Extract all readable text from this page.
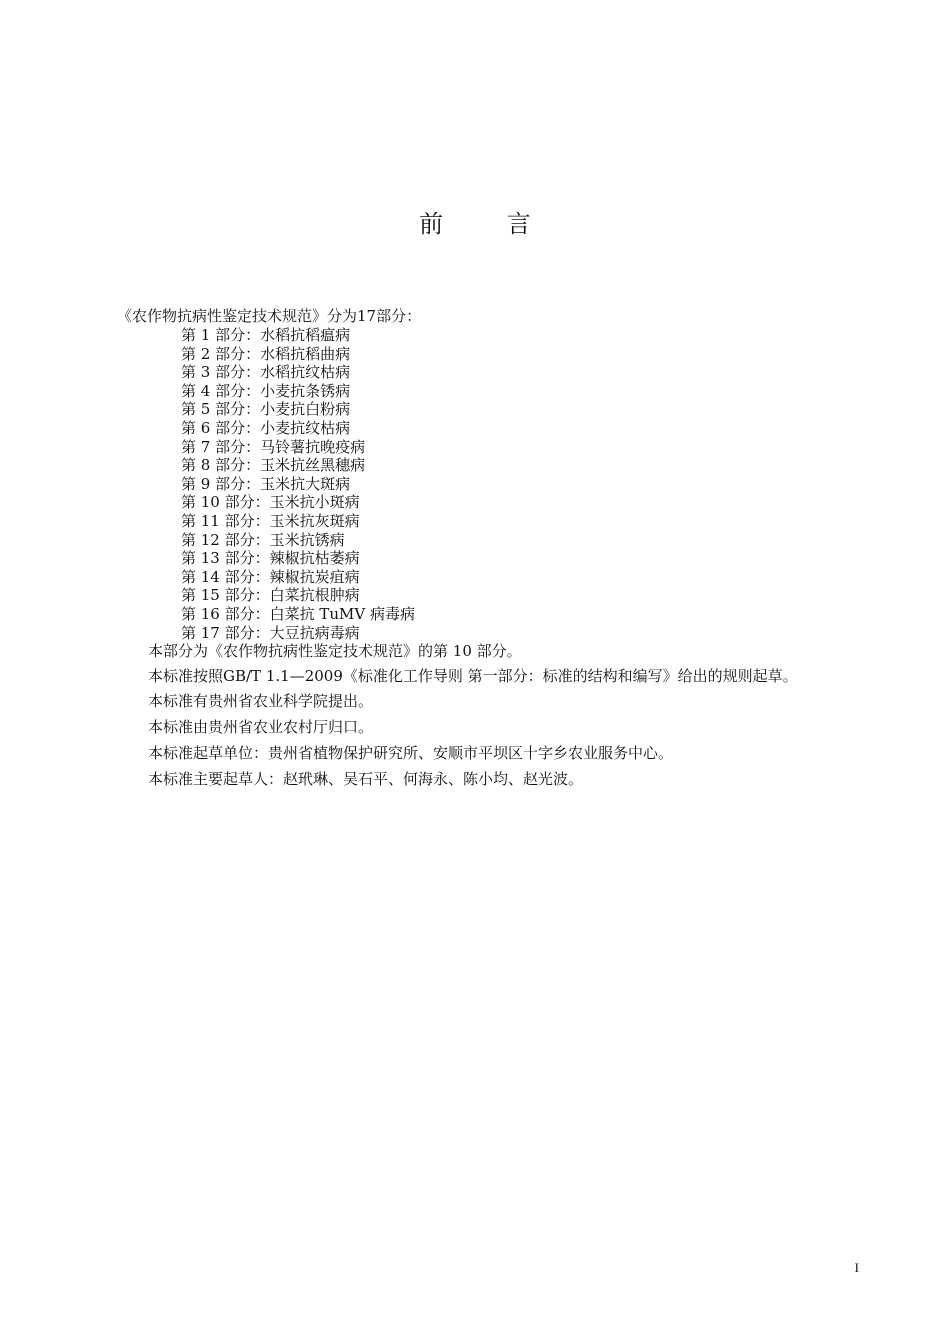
前 言
《农作物抗病性鉴定技术规范》分为17部分：
第 1 部分：水稻抗稻瘟病
第 2 部分：水稻抗稻曲病
第 3 部分：水稻抗纹枯病
第 4 部分：小麦抗条锈病
第 5 部分：小麦抗白粉病
第 6 部分：小麦抗纹枯病
第 7 部分：马铃薯抗晚疫病
第 8 部分：玉米抗丝黑穗病
第 9 部分：玉米抗大斑病
第 10 部分：玉米抗小斑病
第 11 部分：玉米抗灰斑病
第 12 部分：玉米抗锈病
第 13 部分：辣椒抗枯萎病
第 14 部分：辣椒抗炭疽病
第 15 部分：白菜抗根肿病
第 16 部分：白菜抗 TuMV 病毒病
第 17 部分：大豆抗病毒病

本部分为《农作物抗病性鉴定技术规范》的第 10 部分。

本标准按照GB/T 1.1—2009《标准化工作导则 第一部分：标准的结构和编写》给出的规则起草。

本标准有贵州省农业科学院提出。

本标准由贵州省农业农村厅归口。

本标准起草单位：贵州省植物保护研究所、安顺市平坝区十字乡农业服务中心。

本标准主要起草人：赵玳琳、吴石平、何海永、陈小均、赵光波。

I
